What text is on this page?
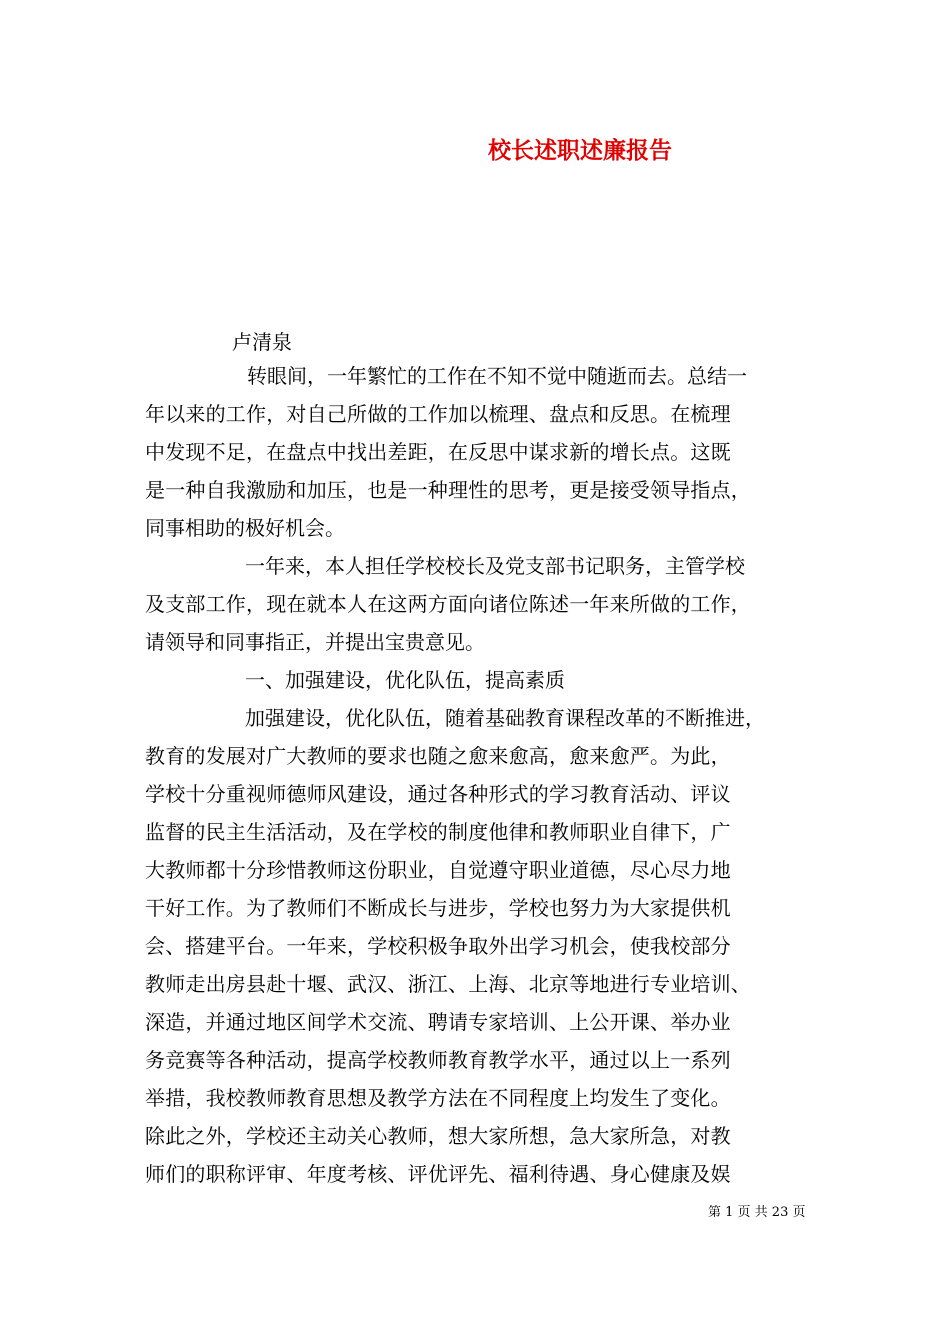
校长述职述廉报告
卢清泉
转眼间，一年繁忙的工作在不知不觉中随逝而去。总结一
年以来的工作，对自己所做的工作加以梳理、盘点和反思。在梳理
中发现不足，在盘点中找出差距，在反思中谋求新的增长点。这既
是一种自我激励和加压，也是一种理性的思考，更是接受领导指点，
同事相助的极好机会。
一年来，本人担任学校校长及党支部书记职务，主管学校
及支部工作，现在就本人在这两方面向诸位陈述一年来所做的工作，
请领导和同事指正，并提出宝贵意见。
一、加强建设，优化队伍，提高素质
加强建设，优化队伍，随着基础教育课程改革的不断推进，
教育的发展对广大教师的要求也随之愈来愈高，愈来愈严。为此，
学校十分重视师德师风建设，通过各种形式的学习教育活动、评议
监督的民主生活活动，及在学校的制度他律和教师职业自律下，广
大教师都十分珍惜教师这份职业，自觉遵守职业道德，尽心尽力地
干好工作。为了教师们不断成长与进步，学校也努力为大家提供机
会、搭建平台。一年来，学校积极争取外出学习机会，使我校部分
教师走出房县赴十堰、武汉、浙江、上海、北京等地进行专业培训、
深造，并通过地区间学术交流、聘请专家培训、上公开课、举办业
务竞赛等各种活动，提高学校教师教育教学水平，通过以上一系列
举措，我校教师教育思想及教学方法在不同程度上均发生了变化。
除此之外，学校还主动关心教师，想大家所想，急大家所急，对教
师们的职称评审、年度考核、评优评先、福利待遇、身心健康及娱
第 1 页 共 23 页
